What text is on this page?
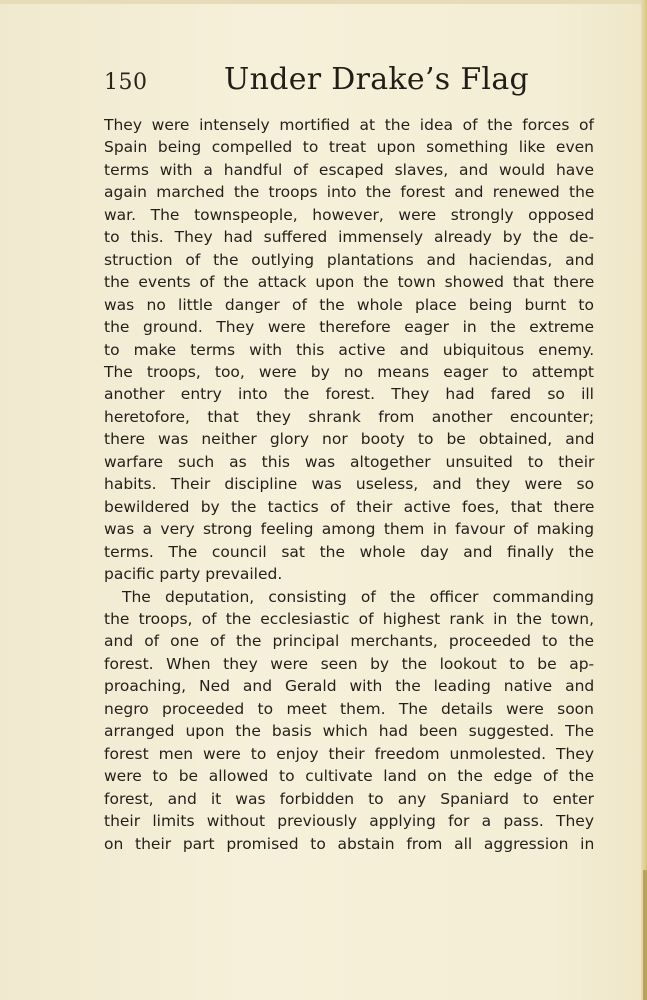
150	Under Drake’s Flag
They were intensely mortified at the idea of the forces of
Spain being compelled to treat upon something like even
terms with a handful of escaped slaves, and would have
again marched the troops into the forest and renewed the
war. The townspeople, however, were strongly opposed
to this. They had suffered immensely already by the de-
struction of the outlying plantations and haciendas, and
the events of the attack upon the town showed that there
was no little danger of the whole place being burnt to
the ground. They were therefore eager in the extreme
to make terms with this active and ubiquitous enemy.
The troops, too, were by no means eager to attempt
another entry into the forest. They had fared so ill
heretofore, that they shrank from another encounter;
there was neither glory nor booty to be obtained, and
warfare such as this was altogether unsuited to their
habits. Their discipline was useless, and they were so
bewildered by the tactics of their active foes, that there
was a very strong feeling among them in favour of making
terms. The council sat the whole day and finally the
pacific party prevailed.
The deputation, consisting of the officer commanding
the troops, of the ecclesiastic of highest rank in the town,
and of one of the principal merchants, proceeded to the
forest. When they were seen by the lookout to be ap-
proaching, Ned and Gerald with the leading native and
negro proceeded to meet them. The details were soon
arranged upon the basis which had been suggested. The
forest men were to enjoy their freedom unmolested. They
were to be allowed to cultivate land on the edge of the
forest, and it was forbidden to any Spaniard to enter
their limits without previously applying for a pass. They
on their part promised to abstain from all aggression in
